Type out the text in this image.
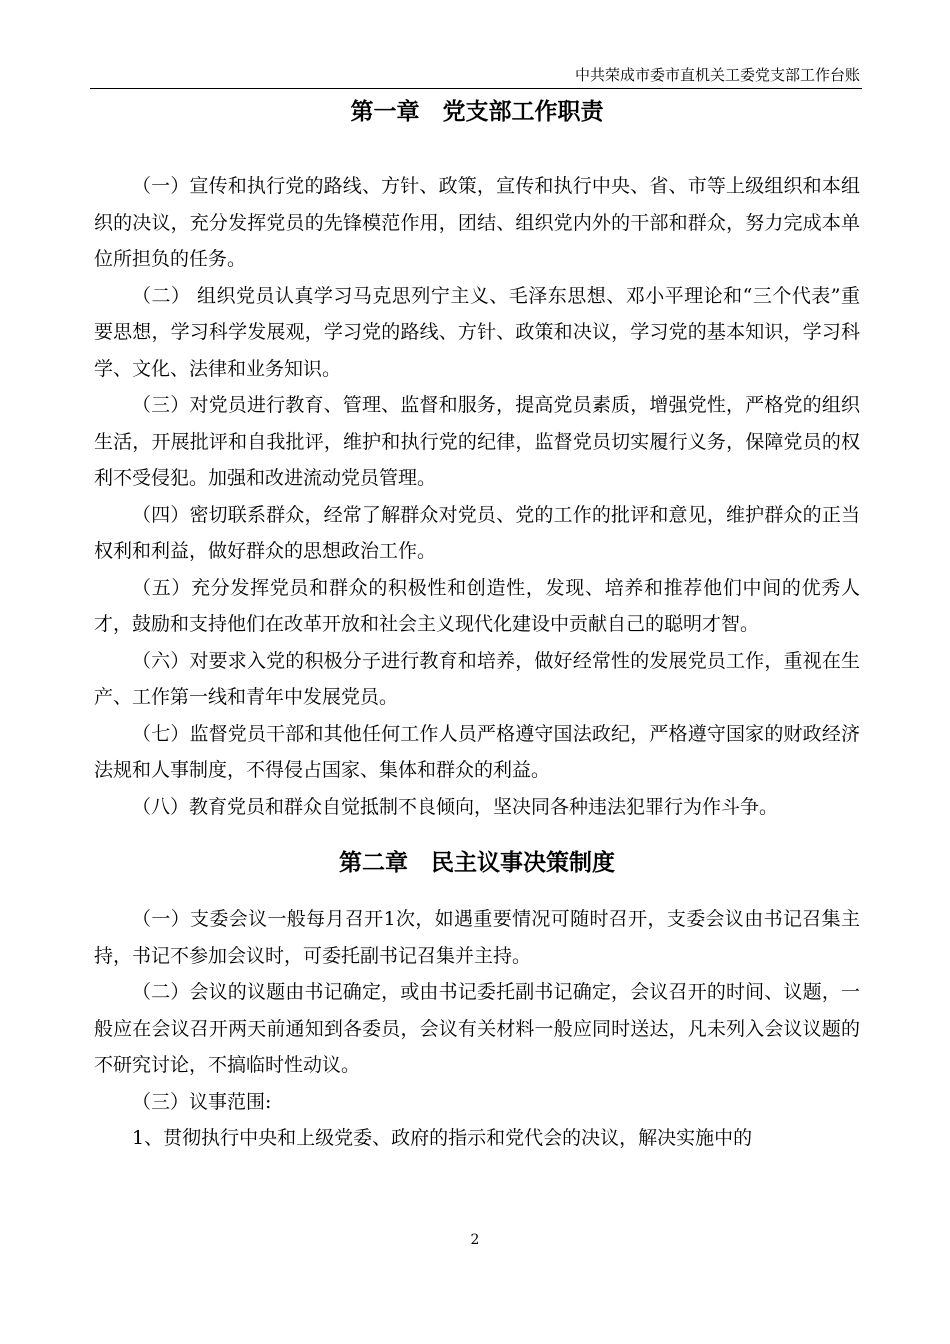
中共荣成市委市直机关工委党支部工作台账
第一章　党支部工作职责

（一）宣传和执行党的路线、方针、政策，宣传和执行中央、省、市等上级组织和本组织的决议，充分发挥党员的先锋模范作用，团结、组织党内外的干部和群众，努力完成本单位所担负的任务。

（二） 组织党员认真学习马克思列宁主义、毛泽东思想、邓小平理论和“三个代表”重要思想，学习科学发展观，学习党的路线、方针、政策和决议，学习党的基本知识，学习科学、文化、法律和业务知识。

（三）对党员进行教育、管理、监督和服务，提高党员素质，增强党性，严格党的组织生活，开展批评和自我批评，维护和执行党的纪律，监督党员切实履行义务，保障党员的权利不受侵犯。加强和改进流动党员管理。

（四）密切联系群众，经常了解群众对党员、党的工作的批评和意见，维护群众的正当权利和利益，做好群众的思想政治工作。

（五）充分发挥党员和群众的积极性和创造性，发现、培养和推荐他们中间的优秀人才，鼓励和支持他们在改革开放和社会主义现代化建设中贡献自己的聪明才智。

（六）对要求入党的积极分子进行教育和培养，做好经常性的发展党员工作，重视在生产、工作第一线和青年中发展党员。

（七）监督党员干部和其他任何工作人员严格遵守国法政纪，严格遵守国家的财政经济法规和人事制度，不得侵占国家、集体和群众的利益。

（八）教育党员和群众自觉抵制不良倾向，坚决同各种违法犯罪行为作斗争。

第二章　民主议事决策制度

（一）支委会议一般每月召开1次，如遇重要情况可随时召开，支委会议由书记召集主持，书记不参加会议时，可委托副书记召集并主持。

（二）会议的议题由书记确定，或由书记委托副书记确定，会议召开的时间、议题，一般应在会议召开两天前通知到各委员，会议有关材料一般应同时送达，凡未列入会议议题的不研究讨论，不搞临时性动议。

（三）议事范围:

1、贯彻执行中央和上级党委、政府的指示和党代会的决议，解决实施中的

2
